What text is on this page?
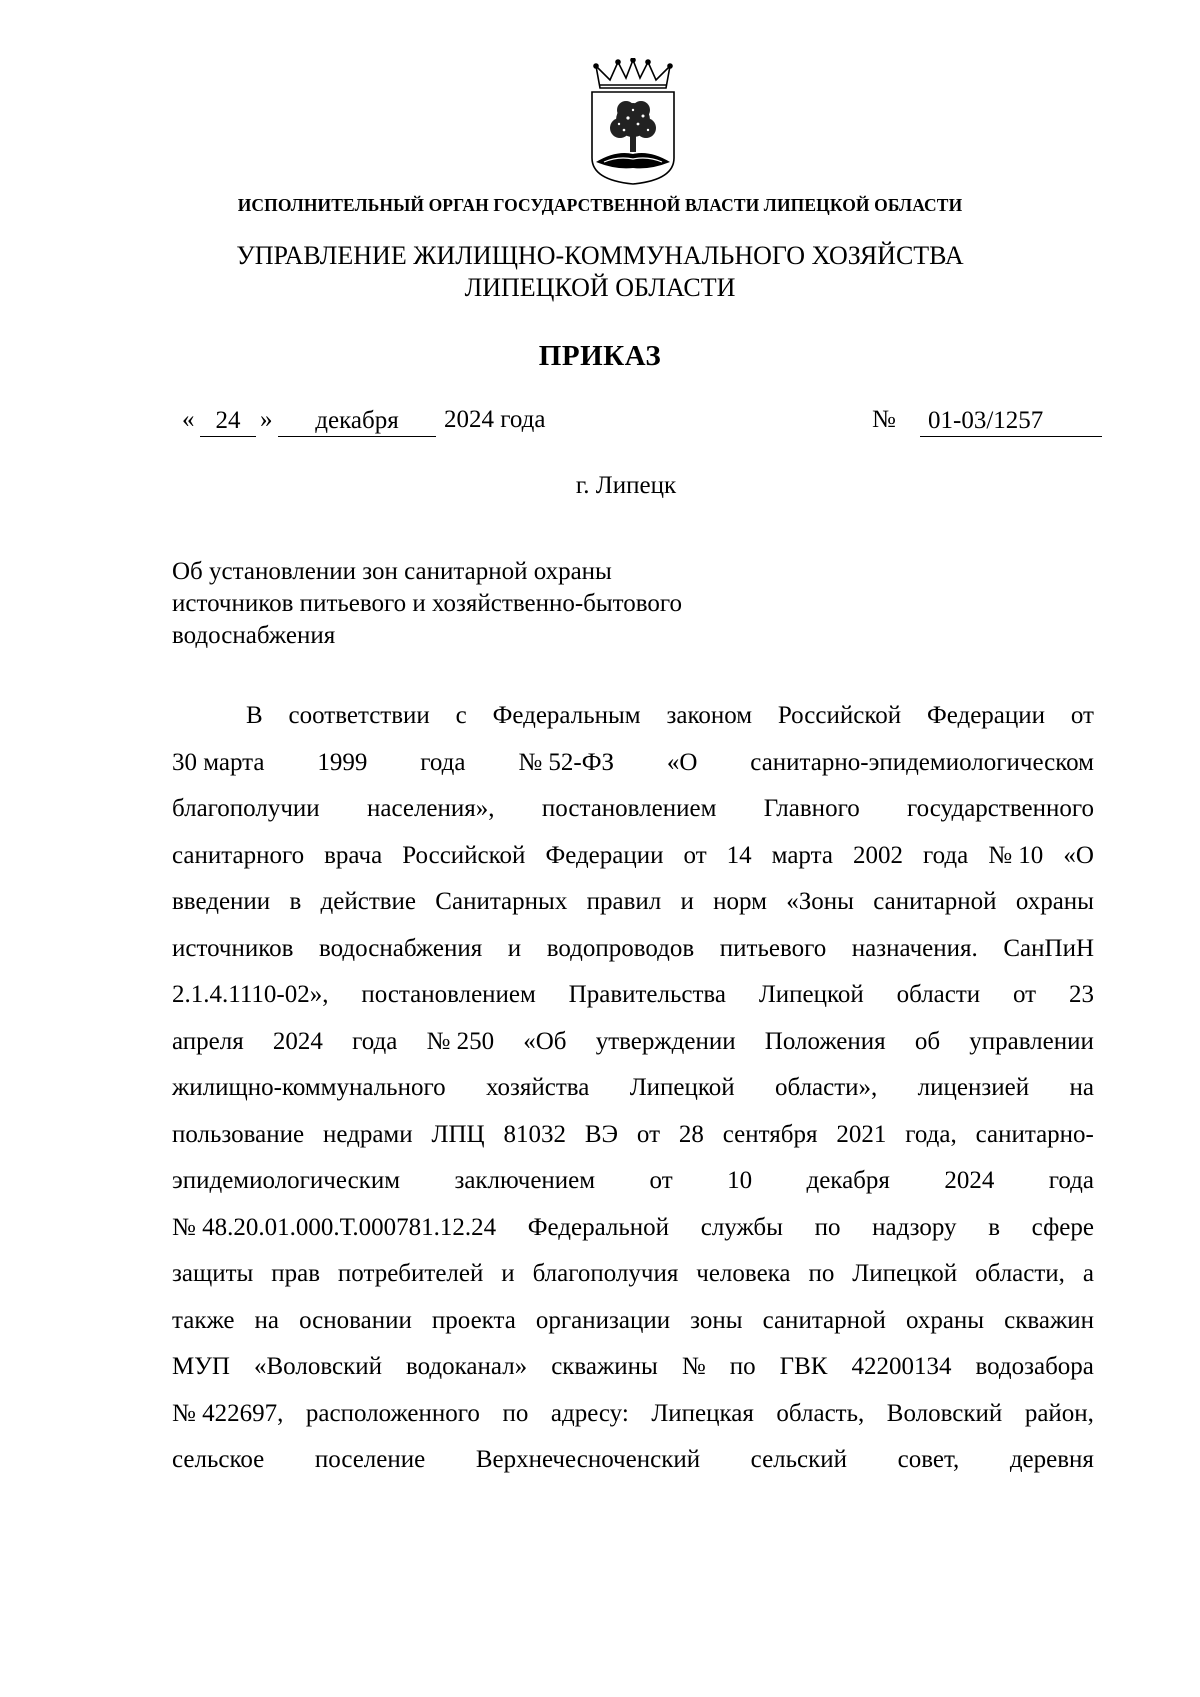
ИСПОЛНИТЕЛЬНЫЙ ОРГАН ГОСУДАРСТВЕННОЙ ВЛАСТИ ЛИПЕЦКОЙ ОБЛАСТИ
УПРАВЛЕНИЕ ЖИЛИЩНО-КОММУНАЛЬНОГО ХОЗЯЙСТВА
ЛИПЕЦКОЙ ОБЛАСТИ
ПРИКАЗ
« 24 »	декабря	2024 года	№	01-03/1257
г. Липецк
Об установлении зон санитарной охраны
источников питьевого и хозяйственно-бытового
водоснабжения
В соответствии с Федеральным законом Российской Федерации от
30 марта 1999 года № 52-ФЗ «О санитарно-эпидемиологическом
благополучии населения», постановлением Главного государственного
санитарного врача Российской Федерации от 14 марта 2002 года № 10 «О
введении в действие Санитарных правил и норм «Зоны санитарной охраны
источников водоснабжения и водопроводов питьевого назначения. СанПиН
2.1.4.1110-02», постановлением Правительства Липецкой области от 23
апреля 2024 года № 250 «Об утверждении Положения об управлении
жилищно-коммунального хозяйства Липецкой области», лицензией на
пользование недрами ЛПЦ 81032 ВЭ от 28 сентября 2021 года, санитарно-
эпидемиологическим заключением от 10 декабря 2024 года
№ 48.20.01.000.Т.000781.12.24 Федеральной службы по надзору в сфере
защиты прав потребителей и благополучия человека по Липецкой области, а
также на основании проекта организации зоны санитарной охраны скважин
МУП «Воловский водоканал» скважины № по ГВК 42200134 водозабора
№ 422697, расположенного по адресу: Липецкая область, Воловский район,
сельское поселение Верхнечесноченский сельский совет, деревня
